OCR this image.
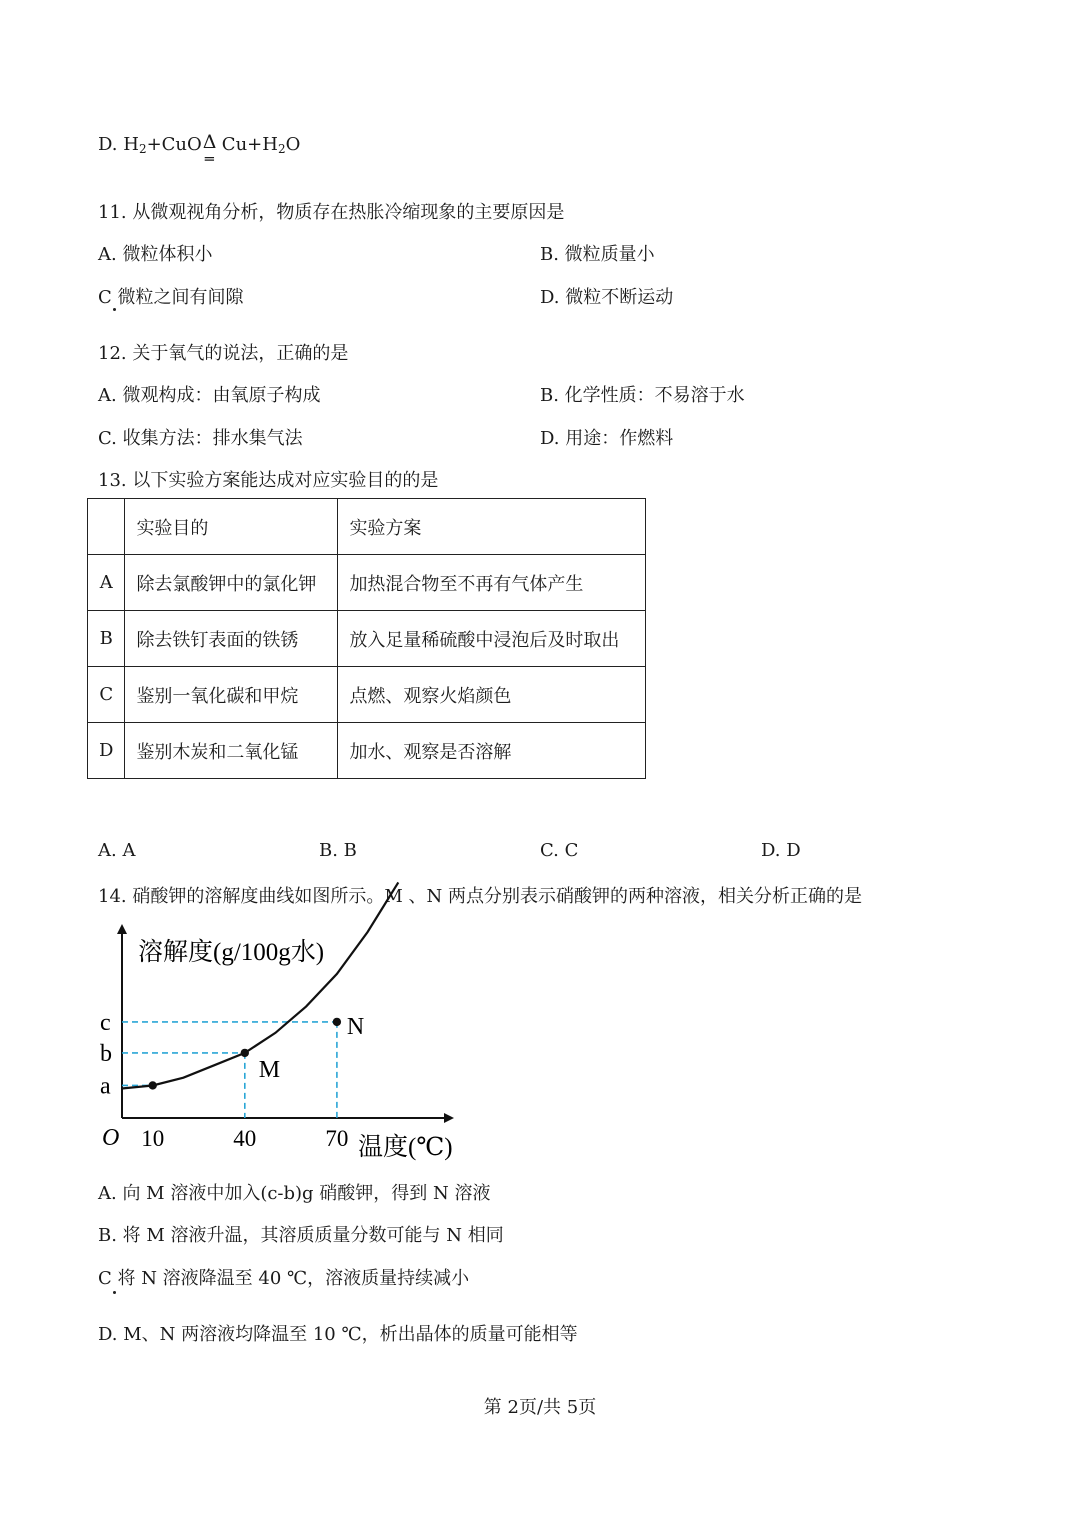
D. $H_2+CuO$ Δ
═
$Cu+H_2O$
11. 从微观视角分析，物质存在热胀冷缩现象的主要原因是
A. 微粒体积小	B. 微粒质量小
C 微粒之间有间隙	D. 微粒不断运动
12. 关于氧气的说法，正确的是
A. 微观构成：由氧原子构成	B. 化学性质：不易溶于水
C. 收集方法：排水集气法	D. 用途：作燃料
13. 以下实验方案能达成对应实验目的的是
	实验目的	实验方案
A	除去氯酸钾中的氯化钾	加热混合物至不再有气体产生
B	除去铁钉表面的铁锈	放入足量稀硫酸中浸泡后及时取出
C	鉴别一氧化碳和甲烷	点燃、观察火焰颜色
D	鉴别木炭和二氧化锰	加水、观察是否溶解
A. A	B. B	C. C	D. D
14. 硝酸钾的溶解度曲线如图所示。M 、N 两点分别表示硝酸钾的两种溶液，相关分析正确的是
a
10
M
b
40
N
c
70
溶解度(g/100g水)
温度(℃)
O
A. 向 M 溶液中加入(c-b)g 硝酸钾，得到 N 溶液
B. 将 M 溶液升温，其溶质质量分数可能与 N 相同
C 将 N 溶液降温至 40 ℃，溶液质量持续减小
D. M、N 两溶液均降温至 10 ℃，析出晶体的质量可能相等
第 2页/共 5页
